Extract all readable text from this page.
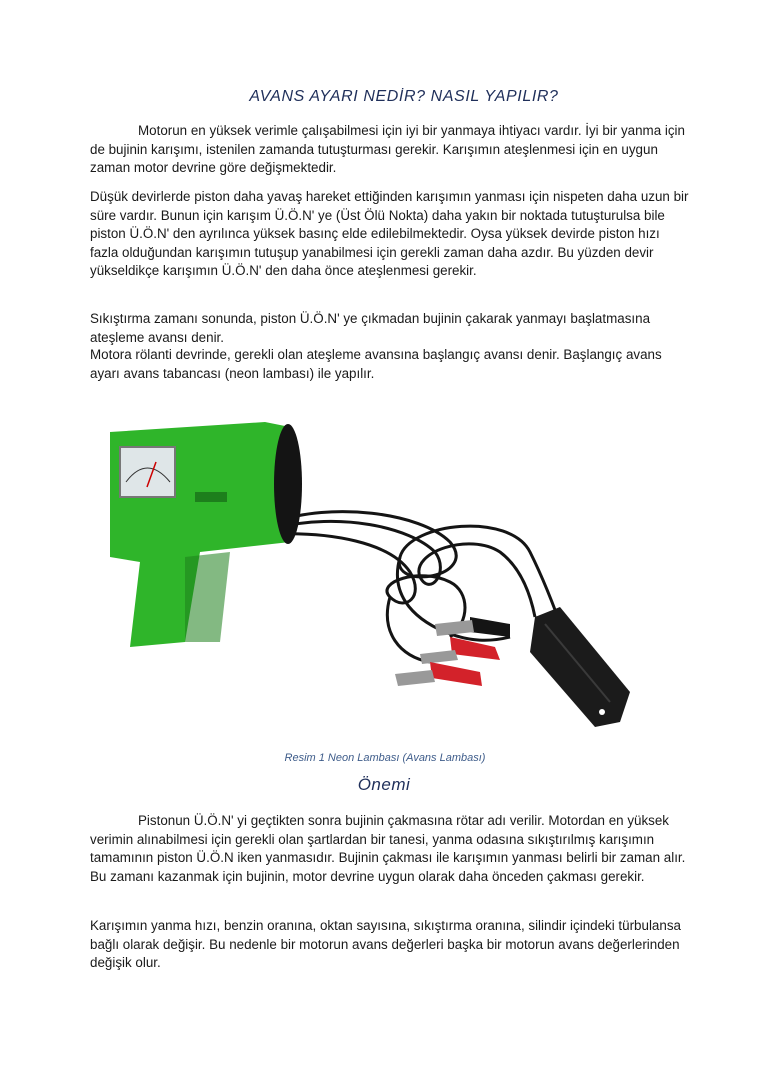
AVANS AYARI NEDİR? NASIL YAPILIR?

Motorun en yüksek verimle çalışabilmesi için iyi bir yanmaya ihtiyacı vardır. İyi bir yanma için de bujinin karışımı, istenilen zamanda tutuşturması gerekir. Karışımın ateşlenmesi için en uygun zaman motor devrine göre değişmektedir.

Düşük devirlerde piston daha yavaş hareket ettiğinden karışımın yanması için nispeten daha uzun bir süre vardır. Bunun için karışım Ü.Ö.N' ye (Üst Ölü Nokta) daha yakın bir noktada tutuşturulsa bile piston Ü.Ö.N' den ayrılınca yüksek basınç elde edilebilmektedir. Oysa yüksek devirde piston hızı fazla olduğundan karışımın tutuşup yanabilmesi için gerekli zaman daha azdır. Bu yüzden devir yükseldikçe karışımın Ü.Ö.N' den daha önce ateşlenmesi gerekir.

Sıkıştırma zamanı sonunda, piston Ü.Ö.N' ye çıkmadan bujinin çakarak yanmayı başlatmasına ateşleme avansı denir.

Motora rölanti devrinde, gerekli olan ateşleme avansına başlangıç avansı denir. Başlangıç avans ayarı avans tabancası (neon lambası) ile yapılır.

Resim 1 Neon Lambası (Avans Lambası)
Önemi

Pistonun Ü.Ö.N' yi geçtikten sonra bujinin çakmasına rötar adı verilir. Motordan en yüksek verimin alınabilmesi için gerekli olan şartlardan bir tanesi, yanma odasına sıkıştırılmış karışımın tamamının piston Ü.Ö.N iken yanmasıdır. Bujinin çakması ile karışımın yanması belirli bir zaman alır. Bu zamanı kazanmak için bujinin, motor devrine uygun olarak daha önceden çakması gerekir.

Karışımın yanma hızı, benzin oranına, oktan sayısına, sıkıştırma oranına, silindir içindeki türbulansa bağlı olarak değişir. Bu nedenle bir motorun avans değerleri başka bir motorun avans değerlerinden değişik olur.
